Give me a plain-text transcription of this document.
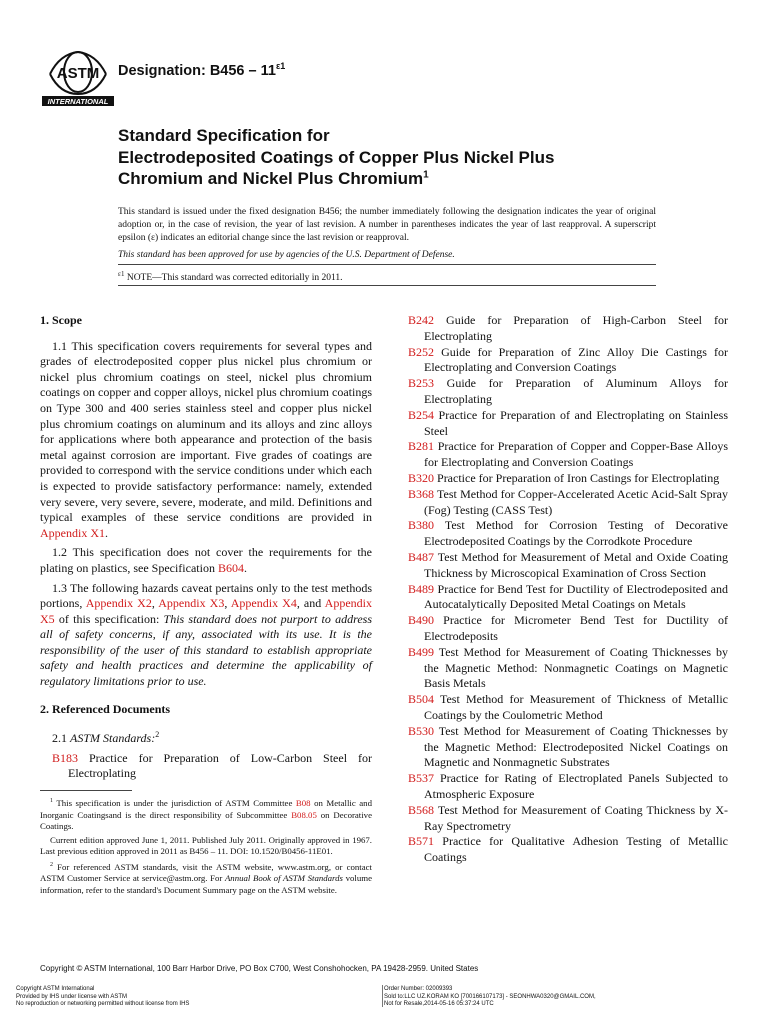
ASTM
INTERNATIONAL
Designation: $B456 - 11^{\varepsilon 1}$
Standard Specification for
Electrodeposited Coatings of Copper Plus Nickel Plus
Chromium and Nickel Plus Chromium$^1$
This standard is issued under the fixed designation B456; the number immediately following the designation indicates the year of original adoption or, in the case of revision, the year of last revision. A number in parentheses indicates the year of last reapproval. A superscript epsilon (ε) indicates an editorial change since the last revision or reapproval.
This standard has been approved for use by agencies of the U.S. Department of Defense.
$^{\varepsilon 1}$ NOTE—This standard was corrected editorially in 2011.
1. Scope

1.1 This specification covers requirements for several types and grades of electrodeposited copper plus nickel plus chromium or nickel plus chromium coatings on steel, nickel plus chromium coatings on copper and copper alloys, nickel plus chromium coatings on Type 300 and 400 series stainless steel and copper plus nickel plus chromium coatings on aluminum and its alloys and zinc alloys for applications where both appearance and protection of the basis metal against corrosion are important. Five grades of coatings are provided to correspond with the service conditions under which each is expected to provide satisfactory performance: namely, extended very severe, very severe, severe, moderate, and mild. Definitions and typical examples of these service conditions are provided in Appendix X1.

1.2 This specification does not cover the requirements for the plating on plastics, see Specification B604.

1.3 The following hazards caveat pertains only to the test methods portions, Appendix X2, Appendix X3, Appendix X4, and Appendix X5 of this specification: This standard does not purport to address all of safety concerns, if any, associated with its use. It is the responsibility of the user of this standard to establish appropriate safety and health practices and determine the applicability of regulatory limitations prior to use.

2. Referenced Documents

2.1 ASTM Standards:$^2$

B183 Practice for Preparation of Low-Carbon Steel for Electroplating

$^1$ This specification is under the jurisdiction of ASTM Committee B08 on Metallic and Inorganic Coatingsand is the direct responsibility of Subcommittee B08.05 on Decorative Coatings.

Current edition approved June 1, 2011. Published July 2011. Originally approved in 1967. Last previous edition approved in 2011 as B456 – 11. DOI: 10.1520/B0456-11E01.

$^2$ For referenced ASTM standards, visit the ASTM website, www.astm.org, or contact ASTM Customer Service at service@astm.org. For Annual Book of ASTM Standards volume information, refer to the standard's Document Summary page on the ASTM website.

B242 Guide for Preparation of High-Carbon Steel for Electroplating

B252 Guide for Preparation of Zinc Alloy Die Castings for Electroplating and Conversion Coatings

B253 Guide for Preparation of Aluminum Alloys for Electroplating

B254 Practice for Preparation of and Electroplating on Stainless Steel

B281 Practice for Preparation of Copper and Copper-Base Alloys for Electroplating and Conversion Coatings

B320 Practice for Preparation of Iron Castings for Electroplating

B368 Test Method for Copper-Accelerated Acetic Acid-Salt Spray (Fog) Testing (CASS Test)

B380 Test Method for Corrosion Testing of Decorative Electrodeposited Coatings by the Corrodkote Procedure

B487 Test Method for Measurement of Metal and Oxide Coating Thickness by Microscopical Examination of Cross Section

B489 Practice for Bend Test for Ductility of Electrodeposited and Autocatalytically Deposited Metal Coatings on Metals

B490 Practice for Micrometer Bend Test for Ductility of Electrodeposits

B499 Test Method for Measurement of Coating Thicknesses by the Magnetic Method: Nonmagnetic Coatings on Magnetic Basis Metals

B504 Test Method for Measurement of Thickness of Metallic Coatings by the Coulometric Method

B530 Test Method for Measurement of Coating Thicknesses by the Magnetic Method: Electrodeposited Nickel Coatings on Magnetic and Nonmagnetic Substrates

B537 Practice for Rating of Electroplated Panels Subjected to Atmospheric Exposure

B568 Test Method for Measurement of Coating Thickness by X-Ray Spectrometry

B571 Practice for Qualitative Adhesion Testing of Metallic Coatings

Copyright © ASTM International, 100 Barr Harbor Drive, PO Box C700, West Conshohocken, PA 19428-2959. United States
Copyright ASTM International
Provided by IHS under license with ASTM
No reproduction or networking permitted without license from IHS
Order Number: 02009393
Sold to:LLC UZ.KORAM KO [700166107173] - SEONHWA0320@GMAIL.COM,
Not for Resale,2014-05-16 05:37:24 UTC
